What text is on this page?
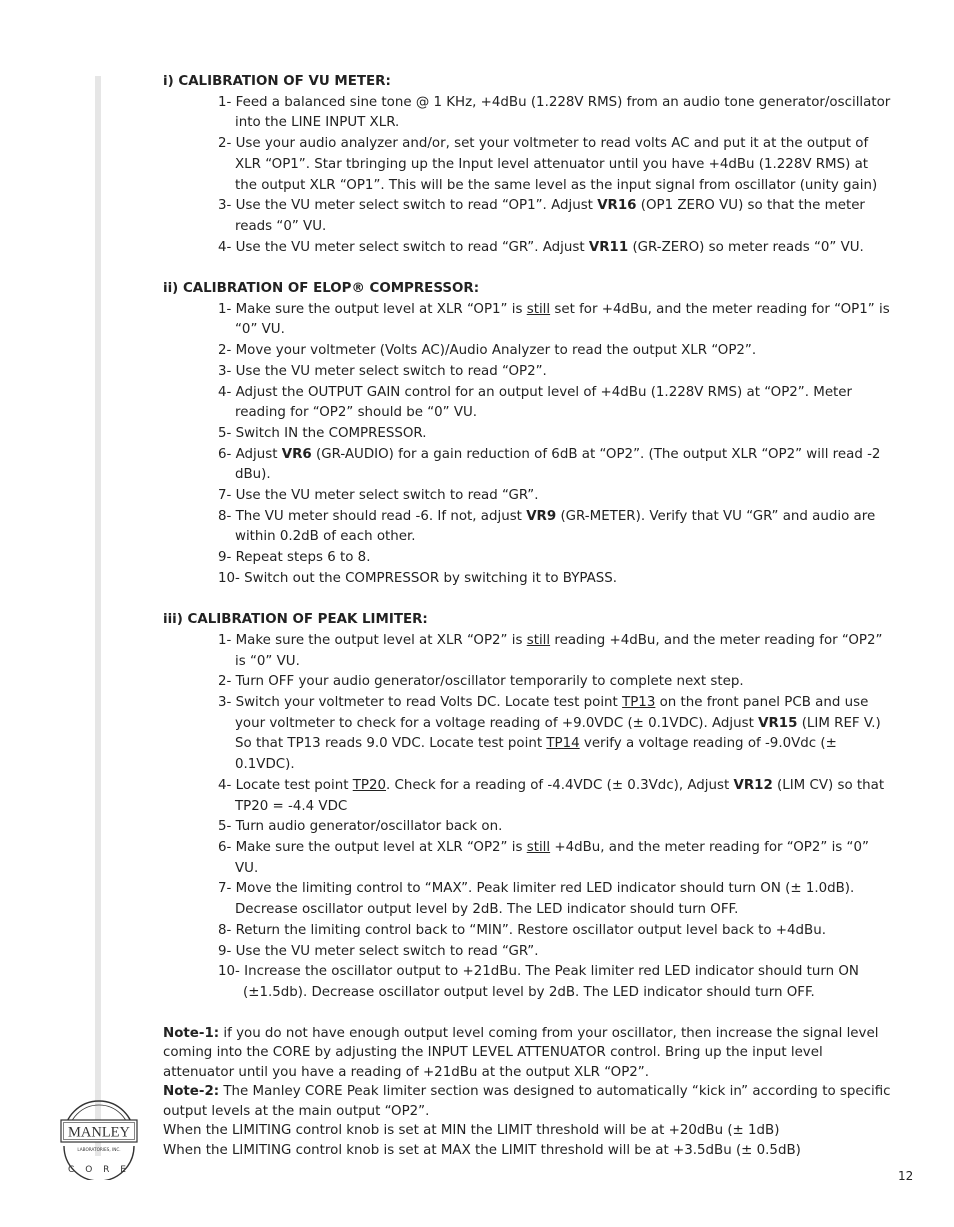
i) CALIBRATION OF VU METER:

1- Feed a balanced sine tone @ 1 KHz, +4dBu (1.228V RMS) from an audio tone generator/oscillator into the LINE INPUT XLR.
2- Use your audio analyzer and/or, set your voltmeter to read volts AC and put it at the output of XLR “OP1”. Star tbringing up the Input level attenuator until you have +4dBu (1.228V RMS) at the output XLR “OP1”. This will be the same level as the input signal from oscillator (unity gain)
3- Use the VU meter select switch to read “OP1”. Adjust VR16 (OP1 ZERO VU) so that the meter reads “0” VU.
4- Use the VU meter select switch to read “GR”. Adjust VR11 (GR-ZERO) so meter reads “0” VU.

ii) CALIBRATION OF ELOP® COMPRESSOR:

1- Make sure the output level at XLR “OP1” is still set for +4dBu, and the meter reading for “OP1” is “0” VU.
2- Move your voltmeter (Volts AC)/Audio Analyzer to read the output XLR “OP2”.
3- Use the VU meter select switch to read “OP2”.
4- Adjust the OUTPUT GAIN control for an output level of +4dBu (1.228V RMS) at “OP2”. Meter reading for “OP2” should be “0” VU.
5- Switch IN the COMPRESSOR.
6- Adjust VR6 (GR-AUDIO) for a gain reduction of 6dB at “OP2”. (The output XLR “OP2” will read -2 dBu).
7- Use the VU meter select switch to read “GR”.
8- The VU meter should read -6. If not, adjust VR9 (GR-METER). Verify that VU “GR” and audio are within 0.2dB of each other.
9- Repeat steps 6 to 8.
10- Switch out the COMPRESSOR by switching it to BYPASS.

iii) CALIBRATION OF PEAK LIMITER:

1- Make sure the output level at XLR “OP2” is still reading +4dBu, and the meter reading for “OP2” is “0” VU.
2- Turn OFF your audio generator/oscillator temporarily to complete next step.
3- Switch your voltmeter to read Volts DC. Locate test point TP13 on the front panel PCB and use your voltmeter to check for a voltage reading of +9.0VDC (± 0.1VDC). Adjust VR15 (LIM REF V.) So that TP13 reads 9.0 VDC. Locate test point TP14 verify a voltage reading of -9.0Vdc (± 0.1VDC).
4- Locate test point TP20. Check for a reading of -4.4VDC (± 0.3Vdc), Adjust VR12 (LIM CV) so that TP20 = -4.4 VDC
5- Turn audio generator/oscillator back on.
6- Make sure the output level at XLR “OP2” is still +4dBu, and the meter reading for “OP2” is “0” VU.
7- Move the limiting control to “MAX”. Peak limiter red LED indicator should turn ON (± 1.0dB). Decrease oscillator output level by 2dB. The LED indicator should turn OFF.
8- Return the limiting control back to “MIN”. Restore oscillator output level back to +4dBu.
9- Use the VU meter select switch to read “GR”.
10- Increase the oscillator output to +21dBu. The Peak limiter red LED indicator should turn ON (±1.5db). Decrease oscillator output level by 2dB. The LED indicator should turn OFF.

Note-1: if you do not have enough output level coming from your oscillator, then increase the signal level coming into the CORE by adjusting the INPUT LEVEL ATTENUATOR control. Bring up the input level attenuator until you have a reading of +21dBu at the output XLR “OP2”.

Note-2: The Manley CORE Peak limiter section was designed to automatically “kick in” according to specific output levels at the main output “OP2”.

When the LIMITING control knob is set at MIN the LIMIT threshold will be at +20dBu (± 1dB)

When the LIMITING control knob is set at MAX the LIMIT threshold will be at +3.5dBu (± 0.5dB)

MANLEY
LABORATORIES, INC.
C O R E	12
